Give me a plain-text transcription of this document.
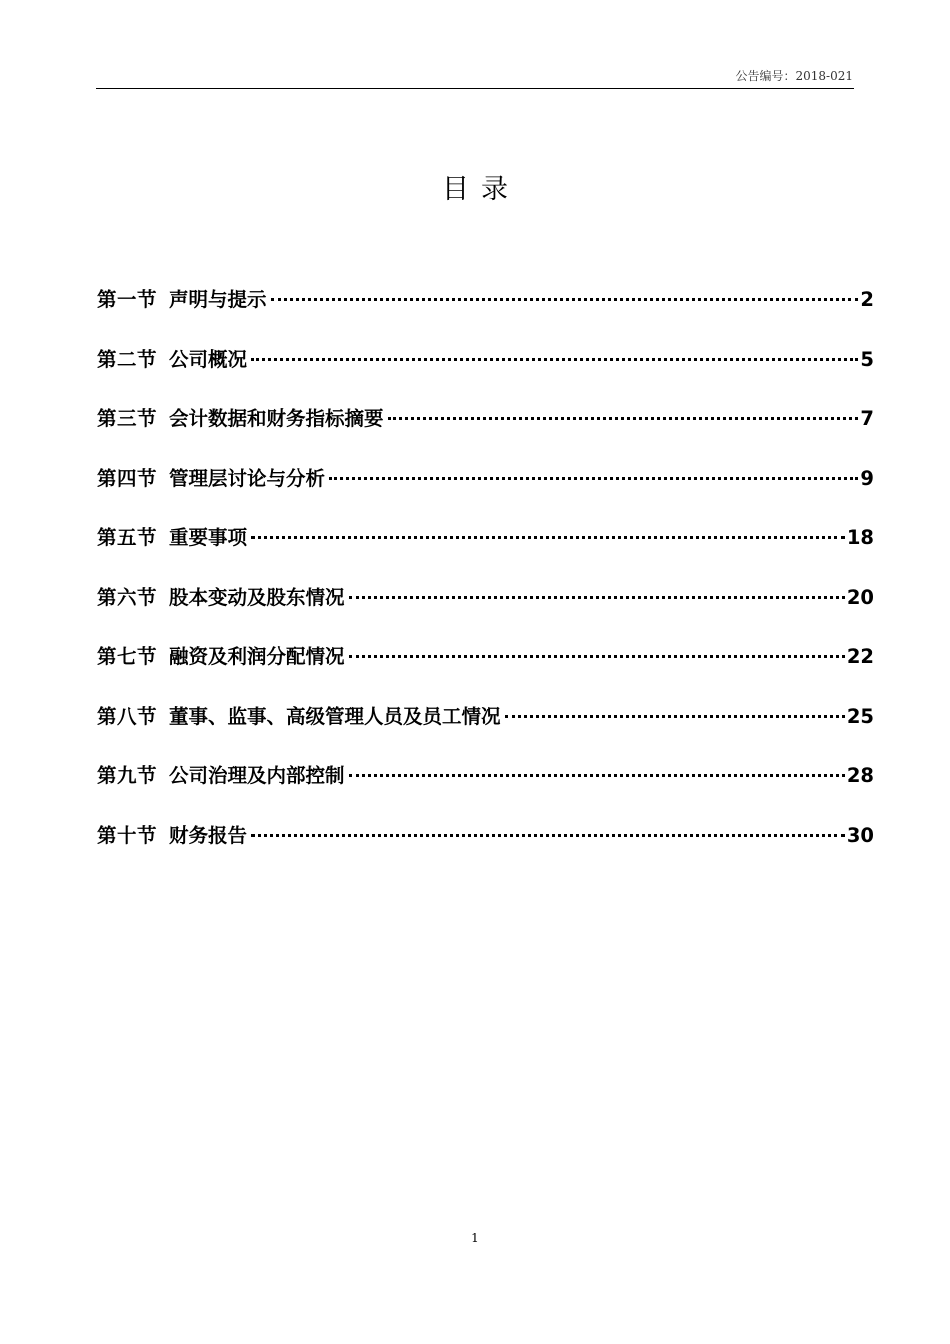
公告编号：2018-021
目录
第一节 声明与提示	2
第二节 公司概况	5
第三节 会计数据和财务指标摘要	7
第四节 管理层讨论与分析	9
第五节 重要事项	18
第六节 股本变动及股东情况	20
第七节 融资及利润分配情况	22
第八节 董事、监事、高级管理人员及员工情况	25
第九节 公司治理及内部控制	28
第十节 财务报告	30
1
